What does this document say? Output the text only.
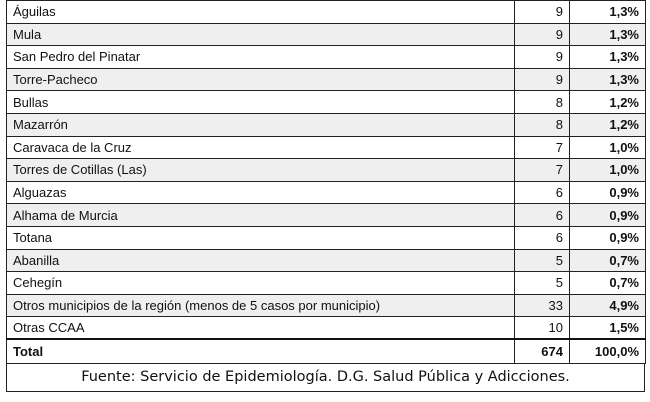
Águilas	9	1,3%
Mula	9	1,3%
San Pedro del Pinatar	9	1,3%
Torre-Pacheco	9	1,3%
Bullas	8	1,2%
Mazarrón	8	1,2%
Caravaca de la Cruz	7	1,0%
Torres de Cotillas (Las)	7	1,0%
Alguazas	6	0,9%
Alhama de Murcia	6	0,9%
Totana	6	0,9%
Abanilla	5	0,7%
Cehegín	5	0,7%
Otros municipios de la región (menos de 5 casos por municipio)	33	4,9%
Otras CCAA	10	1,5%
Total	674	100,0%
Fuente: Servicio de Epidemiología. D.G. Salud Pública y Adicciones.
